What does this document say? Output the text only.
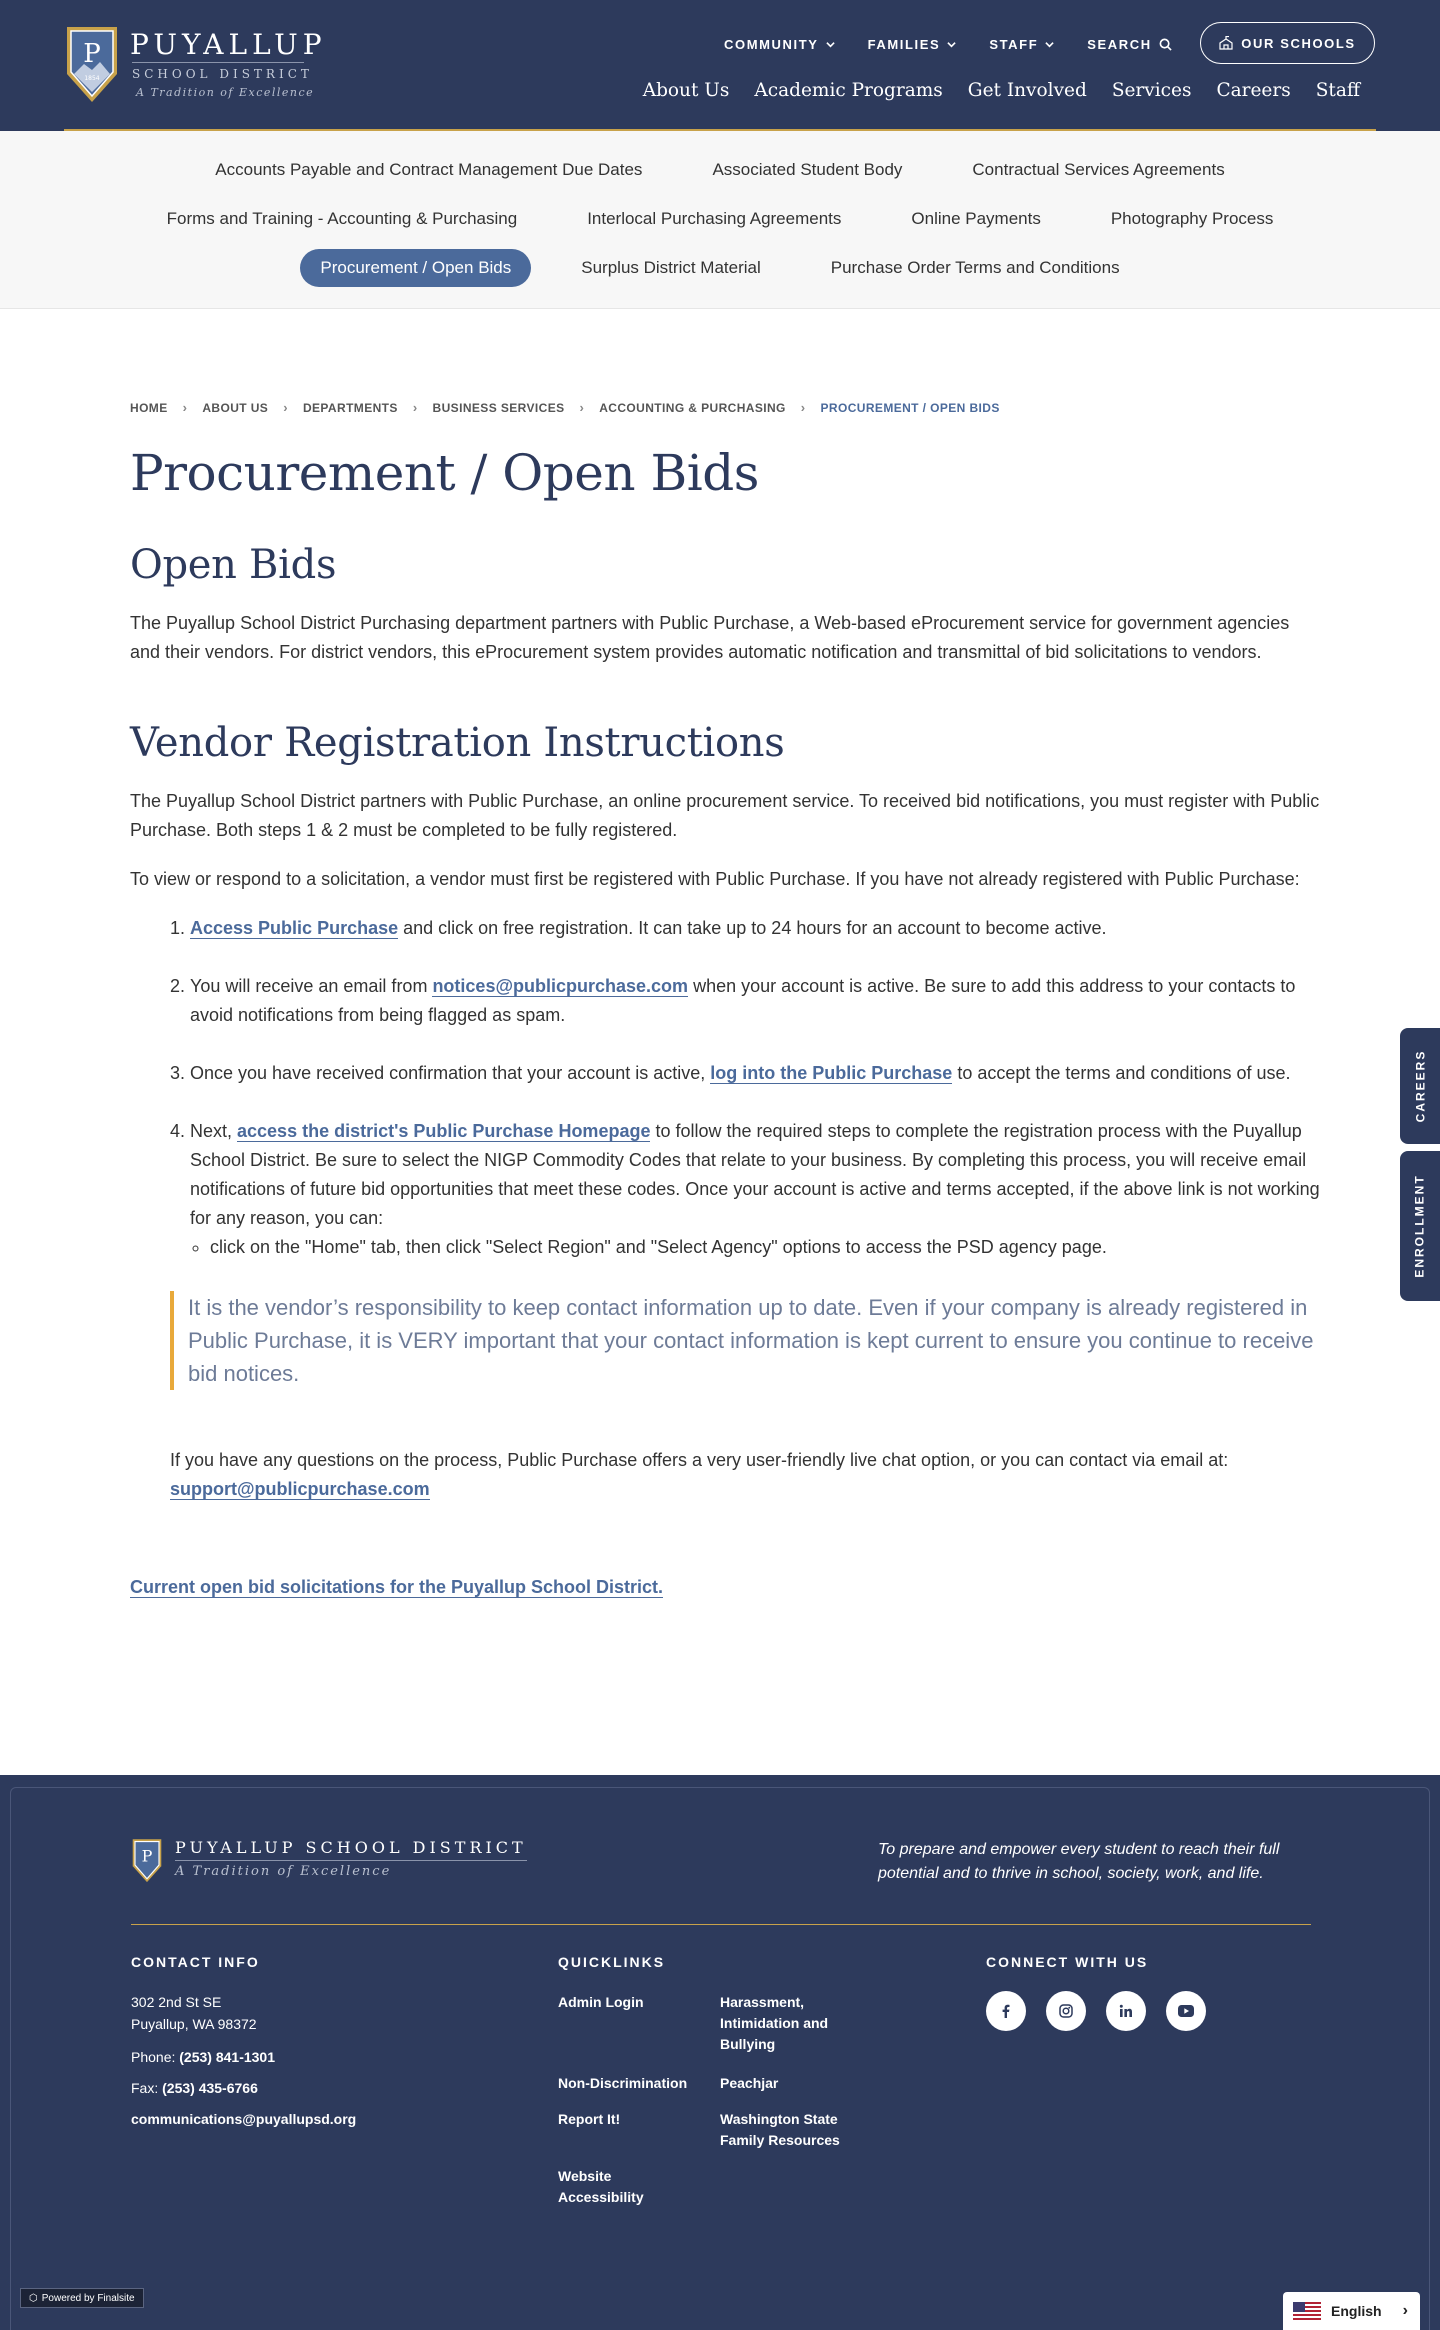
P
1854
PUYALLUP
SCHOOL DISTRICT
A Tradition of Excellence
COMMUNITY	FAMILIES	STAFF	SEARCH	OUR SCHOOLS
About Us Academic Programs Get Involved Services Careers Staff
Accounts Payable and Contract Management Due Dates	Associated Student Body	Contractual Services Agreements
Forms and Training - Accounting & Purchasing	Interlocal Purchasing Agreements	Online Payments	Photography Process
Procurement / Open Bids	Surplus District Material	Purchase Order Terms and Conditions
HOME › ABOUT US › DEPARTMENTS › BUSINESS SERVICES › ACCOUNTING & PURCHASING › PROCUREMENT / OPEN BIDS
Procurement / Open Bids
Open Bids

The Puyallup School District Purchasing department partners with Public Purchase, a Web-based eProcurement service for government agencies and their vendors. For district vendors, this eProcurement system provides automatic notification and transmittal of bid solicitations to vendors.

Vendor Registration Instructions

The Puyallup School District partners with Public Purchase, an online procurement service. To received bid notifications, you must register with Public Purchase. Both steps 1 & 2 must be completed to be fully registered.

To view or respond to a solicitation, a vendor must first be registered with Public Purchase. If you have not already registered with Public Purchase:

1. Access Public Purchase and click on free registration. It can take up to 24 hours for an account to become active.
2. You will receive an email from notices@publicpurchase.com when your account is active. Be sure to add this address to your contacts to avoid notifications from being flagged as spam.
3. Once you have received confirmation that your account is active, log into the Public Purchase to accept the terms and conditions of use.
4. Next, access the district's Public Purchase Homepage to follow the required steps to complete the registration process with the Puyallup School District. Be sure to select the NIGP Commodity Codes that relate to your business. By completing this process, you will receive email notifications of future bid opportunities that meet these codes. Once your account is active and terms accepted, if the above link is not working for any reason, you can:
◦ click on the "Home" tab, then click "Select Region" and "Select Agency" options to access the PSD agency page.
It is the vendor’s responsibility to keep contact information up to date. Even if your company is already registered in Public Purchase, it is VERY important that your contact information is kept current to ensure you continue to receive bid notices.

If you have any questions on the process, Public Purchase offers a very user-friendly live chat option, or you can contact via email at:
support@publicpurchase.com

Current open bid solicitations for the Puyallup School District.

CAREERS
ENROLLMENT
P PUYALLUP SCHOOL DISTRICT
A Tradition of Excellence

To prepare and empower every student to reach their full potential and to thrive in school, society, work, and life.

CONTACT INFO

302 2nd St SE

Puyallup, WA 98372

Phone: (253) 841-1301

Fax: (253) 435-6766

communications@puyallupsd.org

QUICKLINKS
Admin Login	Harassment, Intimidation and Bullying
Non-Discrimination Peachjar
Report It!	Washington State Family Resources
Website Accessibility
CONNECT WITH US
⬡ Powered by Finalsite
English ›
